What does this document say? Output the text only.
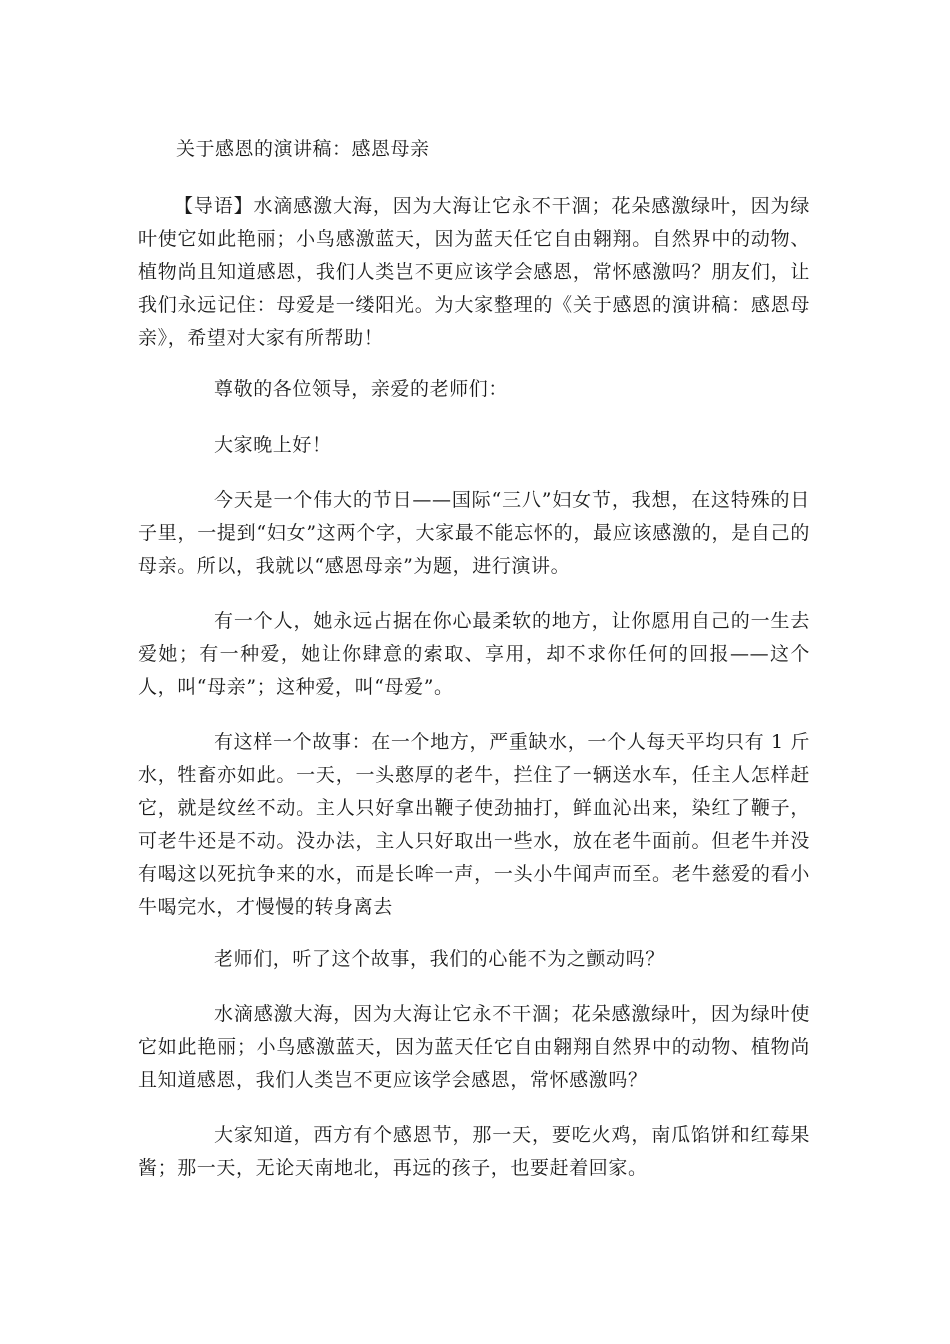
关于感恩的演讲稿：感恩母亲
【导语】水滴感激大海，因为大海让它永不干涸；花朵感激绿叶，因为绿叶使它如此艳丽；小鸟感激蓝天，因为蓝天任它自由翱翔。自然界中的动物、植物尚且知道感恩，我们人类岂不更应该学会感恩，常怀感激吗？朋友们，让我们永远记住：母爱是一缕阳光。为大家整理的《关于感恩的演讲稿：感恩母亲》，希望对大家有所帮助！
尊敬的各位领导，亲爱的老师们：
大家晚上好！
今天是一个伟大的节日——国际“三八”妇女节，我想，在这特殊的日子里，一提到“妇女”这两个字，大家最不能忘怀的，最应该感激的，是自己的母亲。所以，我就以“感恩母亲”为题，进行演讲。
有一个人，她永远占据在你心最柔软的地方，让你愿用自己的一生去爱她；有一种爱，她让你肆意的索取、享用，却不求你任何的回报——这个人，叫“母亲”；这种爱，叫“母爱”。
有这样一个故事：在一个地方，严重缺水，一个人每天平均只有 1 斤水，牲畜亦如此。一天，一头憨厚的老牛，拦住了一辆送水车，任主人怎样赶它，就是纹丝不动。主人只好拿出鞭子使劲抽打，鲜血沁出来，染红了鞭子，可老牛还是不动。没办法，主人只好取出一些水，放在老牛面前。但老牛并没有喝这以死抗争来的水，而是长哞一声，一头小牛闻声而至。老牛慈爱的看小牛喝完水，才慢慢的转身离去
老师们，听了这个故事，我们的心能不为之颤动吗？
水滴感激大海，因为大海让它永不干涸；花朵感激绿叶，因为绿叶使它如此艳丽；小鸟感激蓝天，因为蓝天任它自由翱翔自然界中的动物、植物尚且知道感恩，我们人类岂不更应该学会感恩，常怀感激吗？
大家知道，西方有个感恩节，那一天，要吃火鸡，南瓜馅饼和红莓果酱；那一天，无论天南地北，再远的孩子，也要赶着回家。
